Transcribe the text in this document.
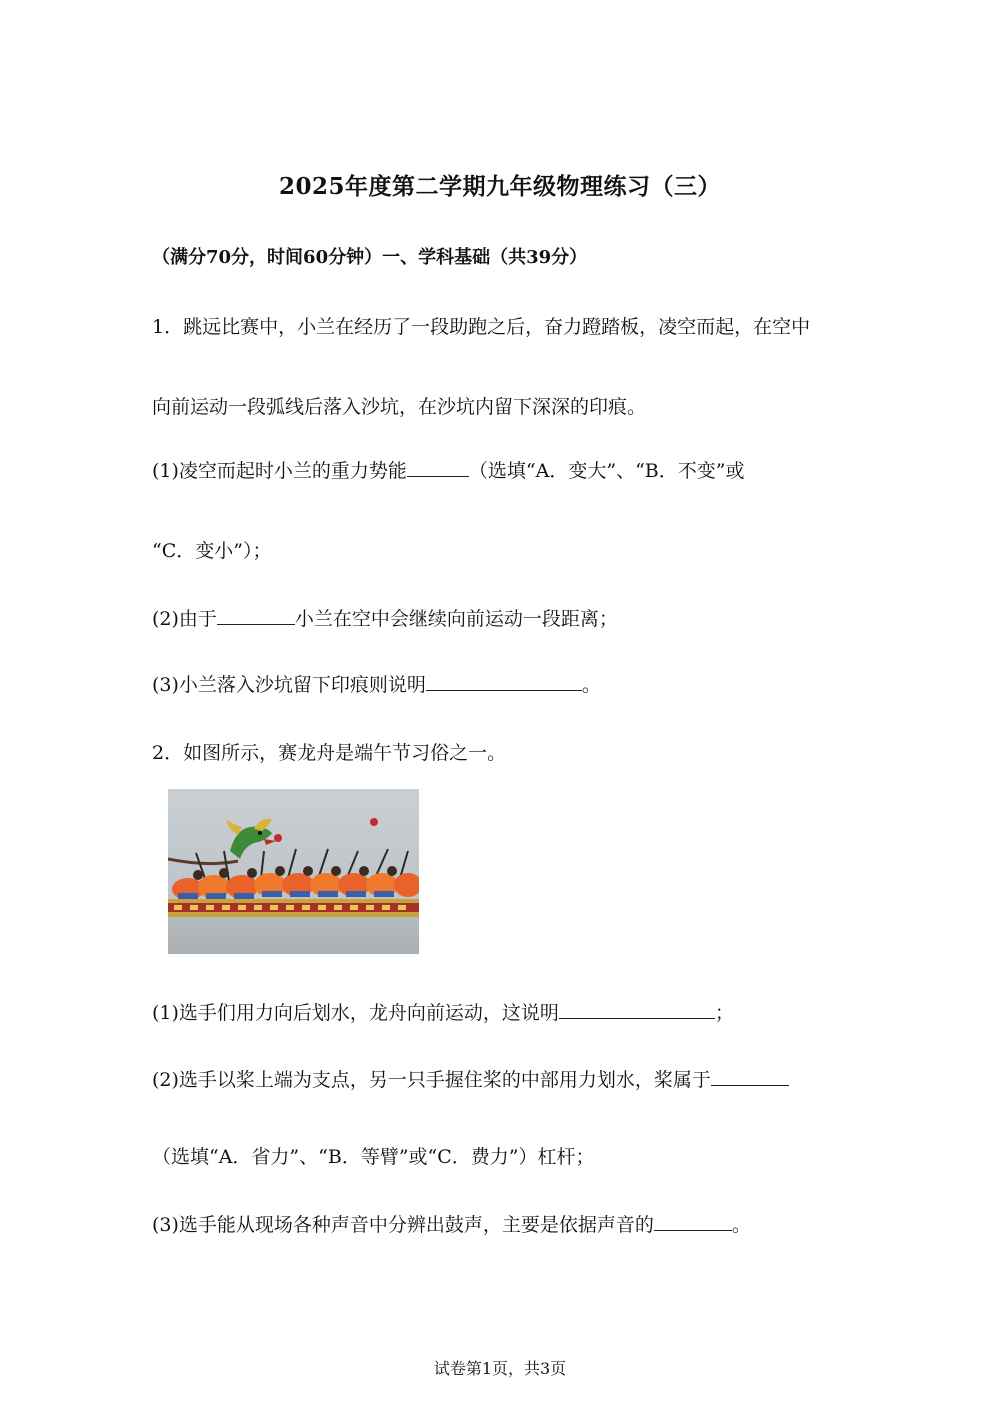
2025年度第二学期九年级物理练习（三）
（满分70分，时间60分钟）一、学科基础（共39分）
1．跳远比赛中，小兰在经历了一段助跑之后，奋力蹬踏板，凌空而起，在空中
向前运动一段弧线后落入沙坑，在沙坑内留下深深的印痕。
(1)凌空而起时小兰的重力势能	（选填“A．变大”、“B．不变”或
“C．变小”）；
(2)由于	小兰在空中会继续向前运动一段距离；
(3)小兰落入沙坑留下印痕则说明	。
2．如图所示，赛龙舟是端午节习俗之一。
(1)选手们用力向后划水，龙舟向前运动，这说明	；
(2)选手以桨上端为支点，另一只手握住桨的中部用力划水，桨属于
（选填“A．省力”、“B．等臂”或“C．费力”）杠杆；
(3)选手能从现场各种声音中分辨出鼓声，主要是依据声音的	。
试卷第1页，共3页
